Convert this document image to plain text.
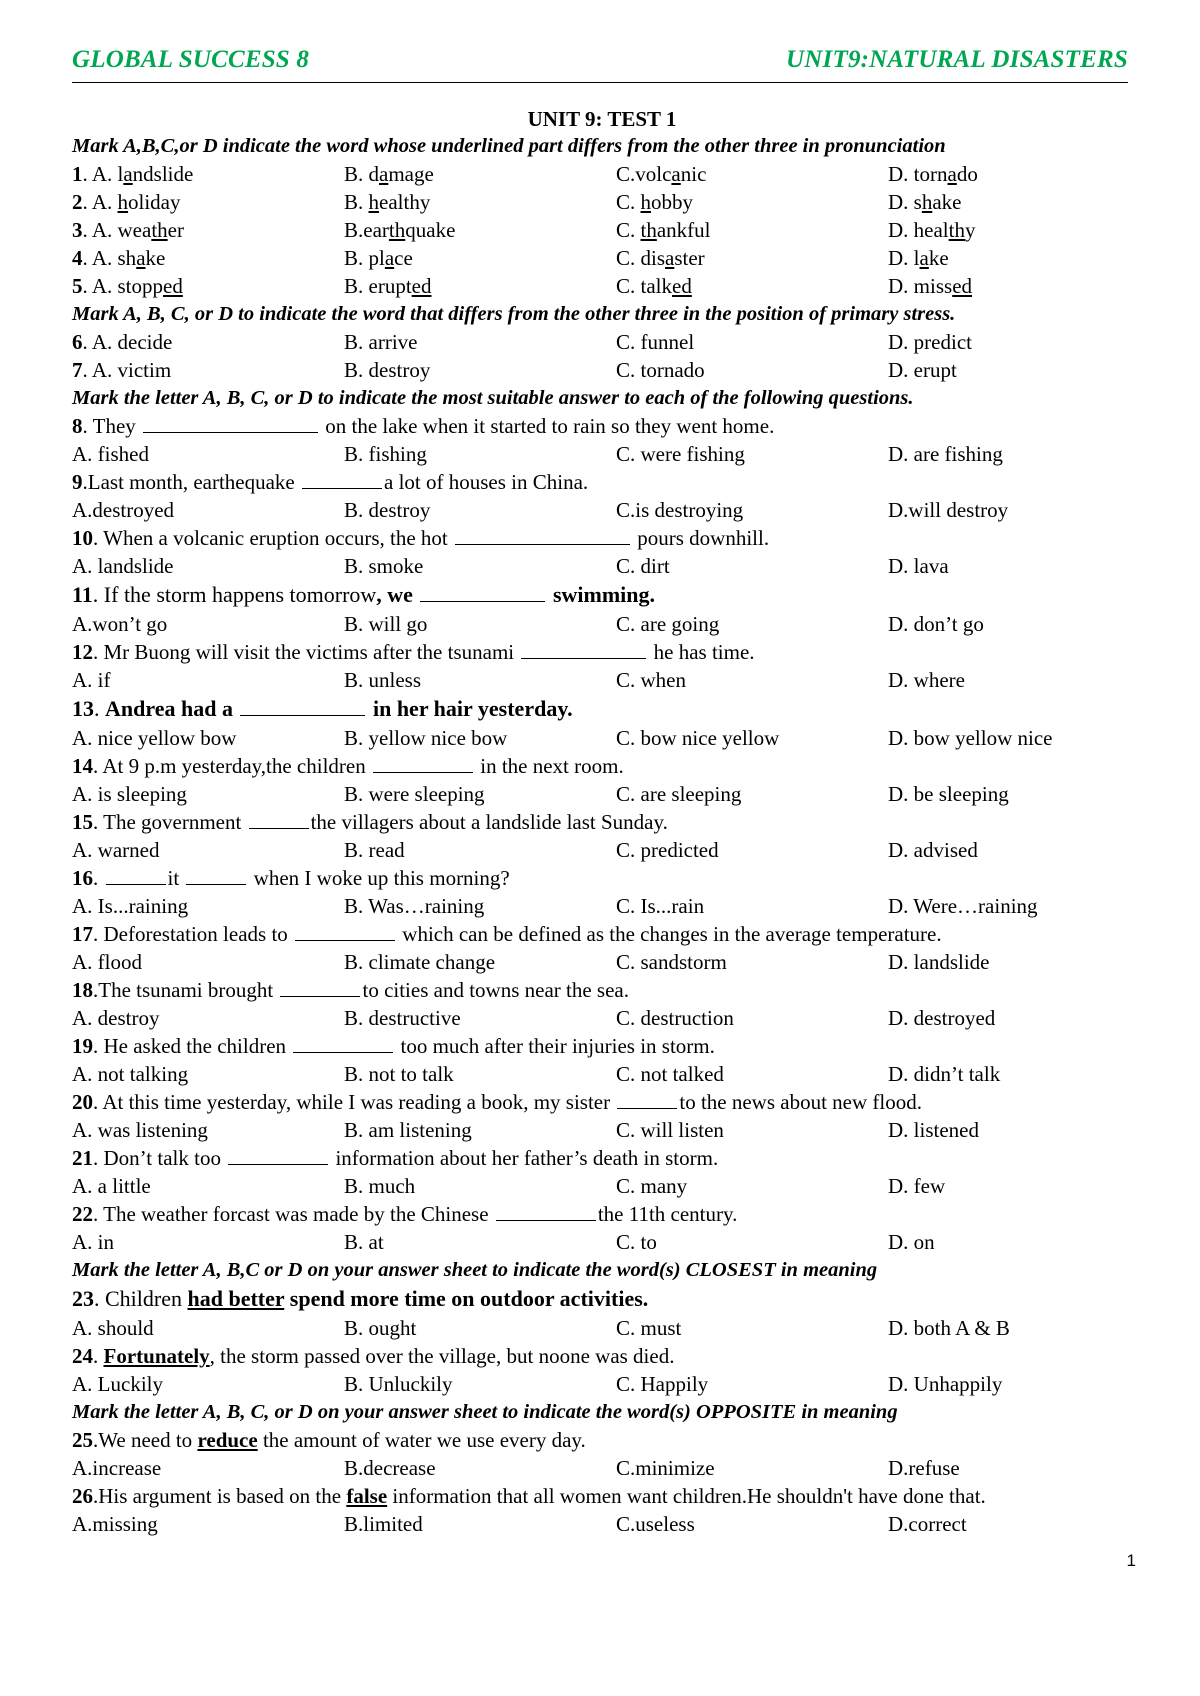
GLOBAL SUCCESS 8	UNIT9:NATURAL DISASTERS
UNIT 9: TEST 1
Mark A,B,C,or D indicate the word whose underlined part differs from the other three in pronunciation
1. A. landslide	B. damage	C.volcanic	D. tornado
2. A. holiday	B. healthy	C. hobby	D. shake
3. A. weather	B.earthquake	C. thankful	D. healthy
4. A. shake	B. place	C. disaster	D. lake
5. A. stopped	B. erupted	C. talked	D. missed
Mark A, B, C, or D to indicate the word that differs from the other three in the position of primary stress.
6. A. decide	B. arrive	C. funnel	D. predict
7. A. victim	B. destroy	C. tornado	D. erupt
Mark the letter A, B, C, or D to indicate the most suitable answer to each of the following questions.
8. They	on the lake when it started to rain so they went home.
A. fished	B. fishing	C. were fishing	D. are fishing
9.Last month, earthequake	a lot of houses in China.
A.destroyed	B. destroy	C.is destroying	D.will destroy
10. When a volcanic eruption occurs, the hot	pours downhill.
A. landslide	B. smoke	C. dirt	D. lava
11. If the storm happens tomorrow, we	swimming.
A.won’t go	B. will go	C. are going	D. don’t go
12. Mr Buong will visit the victims after the tsunami	he has time.
A. if	B. unless	C. when	D. where
13. Andrea had a	in her hair yesterday.
A. nice yellow bow	B. yellow nice bow	C. bow nice yellow	D. bow yellow nice
14. At 9 p.m yesterday,the children	in the next room.
A. is sleeping	B. were sleeping	C. are sleeping	D. be sleeping
15. The government	the villagers about a landslide last Sunday.
A. warned	B. read	C. predicted	D. advised
16.	it	when I woke up this morning?
A. Is...raining	B. Was…raining	C. Is...rain	D. Were…raining
17. Deforestation leads to	which can be defined as the changes in the average temperature.
A. flood	B. climate change	C. sandstorm	D. landslide
18.The tsunami brought	to cities and towns near the sea.
A. destroy	B. destructive	C. destruction	D. destroyed
19. He asked the children	too much after their injuries in storm.
A. not talking	B. not to talk	C. not talked	D. didn’t talk
20. At this time yesterday, while I was reading a book, my sister	to the news about new flood.
A. was listening	B. am listening	C. will listen	D. listened
21. Don’t talk too	information about her father’s death in storm.
A. a little	B. much	C. many	D. few
22. The weather forcast was made by the Chinese	the 11th century.
A. in	B. at	C. to	D. on
Mark the letter A, B,C or D on your answer sheet to indicate the word(s) CLOSEST in meaning
23. Children had better spend more time on outdoor activities.
A. should	B. ought	C. must	D. both A & B
24. Fortunately, the storm passed over the village, but noone was died.
A. Luckily	B. Unluckily	C. Happily	D. Unhappily
Mark the letter A, B, C, or D on your answer sheet to indicate the word(s) OPPOSITE in meaning
25.We need to reduce the amount of water we use every day.
A.increase	B.decrease	C.minimize	D.refuse
26.His argument is based on the false information that all women want children.He shouldn't have done that.
A.missing	B.limited	C.useless	D.correct
1
